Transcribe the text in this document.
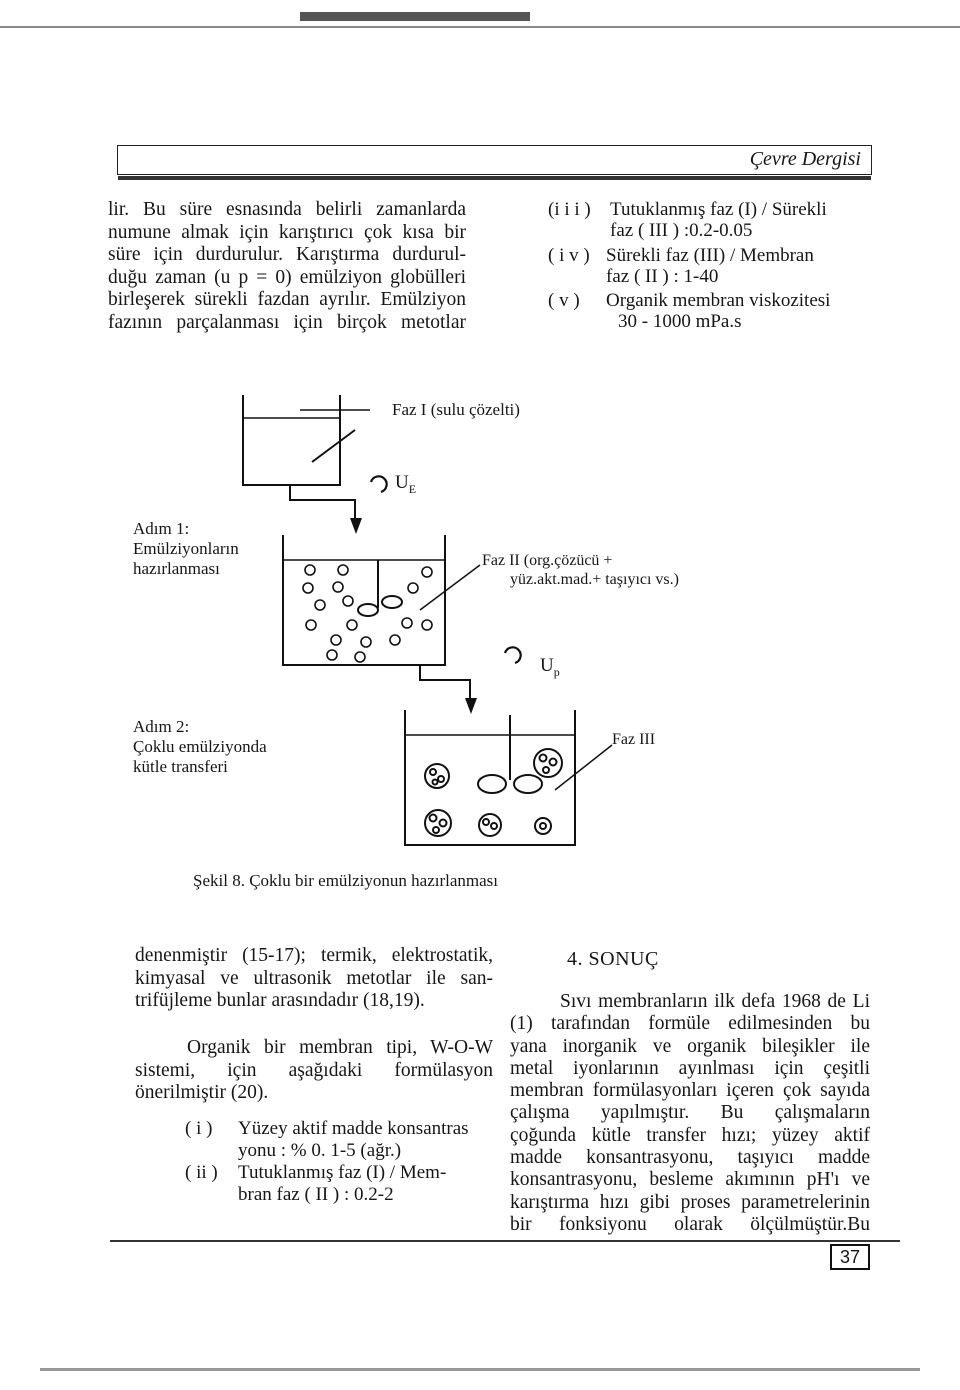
Çevre Dergisi

lir. Bu süre esnasında belirli zamanlarda

numune almak için karıştırıcı çok kısa bir

süre için durdurulur. Karıştırma durdurul-

duğu zaman (u p = 0) emülziyon globülleri

birleşerek sürekli fazdan ayrılır. Emülziyon

fazının parçalanması için birçok metotlar

(i i i ) Tutuklanmış faz (I) / Sürekli
faz ( III ) :0.2-0.05
( i v ) Sürekli faz (III) / Membran
faz ( II ) : 1-40
( v ) Organik membran viskozitesi
30 - 1000 mPa.s
Faz I (sulu çözelti)
$U_E$
Adım 1:
Emülziyonların
hazırlanması	Faz II (org.çözücü +
yüz.akt.mad.+ taşıyıcı vs.)
$U_p$
Adım 2:
Çoklu emülziyonda
kütle transferi
Faz III
Şekil 8. Çoklu bir emülziyonun hazırlanması

denenmiştir (15-17); termik, elektrostatik,

kimyasal ve ultrasonik metotlar ile san-

trifüjleme bunlar arasındadır (18,19).

Organik bir membran tipi, W-O-W

sistemi, için aşağıdaki formülasyon

önerilmiştir (20).

( i ) Yüzey aktif madde konsantras
yonu : % 0. 1-5 (ağr.)
( ii ) Tutuklanmış faz (I) / Mem-
bran faz ( II ) : 0.2-2
4. SONUÇ

Sıvı membranların ilk defa 1968 de Li

(1) tarafından formüle edilmesinden bu

yana inorganik ve organik bileşikler ile

metal iyonlarının ayınlması için çeşitli

membran formülasyonları içeren çok sayıda

çalışma yapılmıştır. Bu çalışmaların

çoğunda kütle transfer hızı; yüzey aktif

madde konsantrasyonu, taşıyıcı madde

konsantrasyonu, besleme akımının pH'ı ve

karıştırma hızı gibi proses parametrelerinin

bir fonksiyonu olarak ölçülmüştür.Bu

37
